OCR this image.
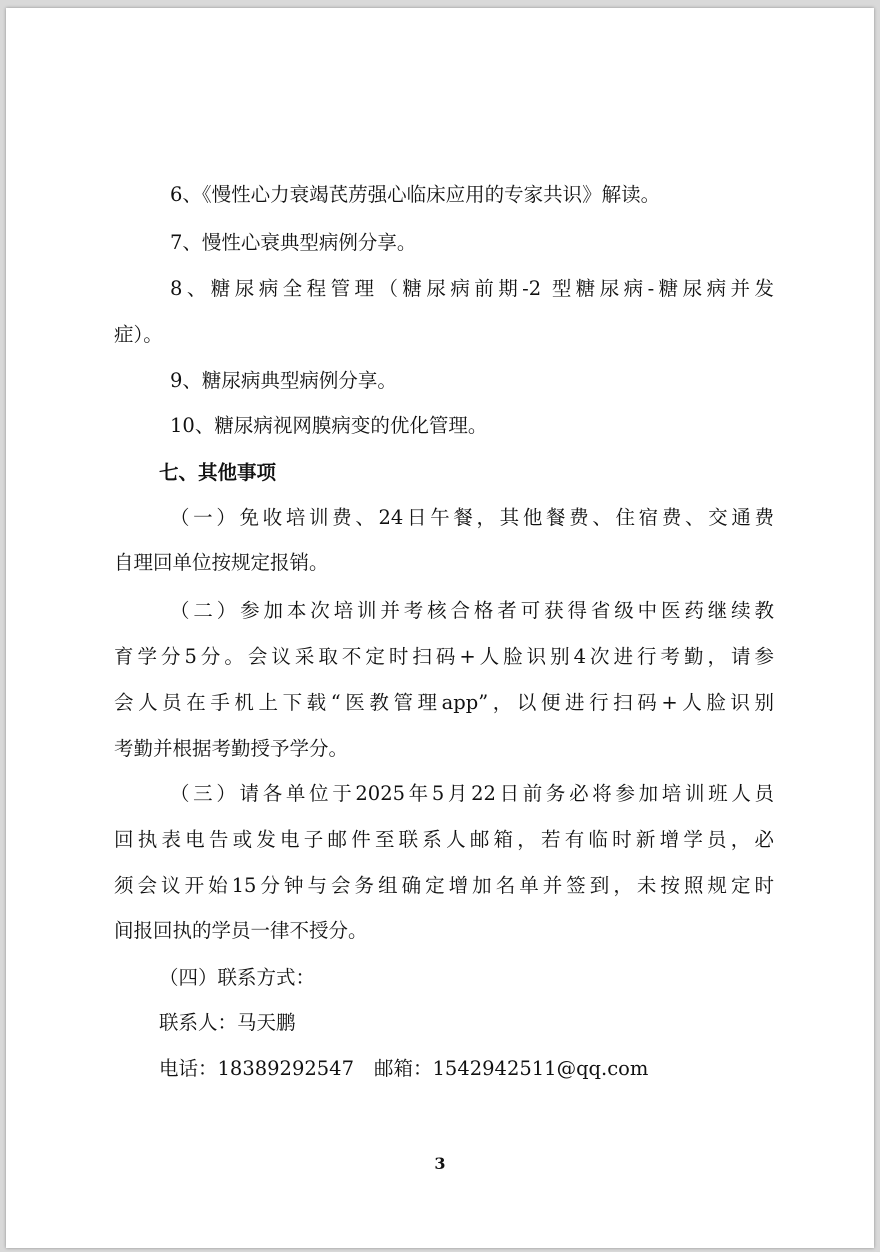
6、《慢性心力衰竭芪苈强心临床应用的专家共识》解读。
7、慢性心衰典型病例分享。
8、糖尿病全程管理（糖尿病前期-2 型糖尿病-糖尿病并发
症）。
9、糖尿病典型病例分享。
10、糖尿病视网膜病变的优化管理。
七、其他事项
（一）免收培训费、24日午餐，其他餐费、住宿费、交通费
自理回单位按规定报销。
（二）参加本次培训并考核合格者可获得省级中医药继续教
育学分5分。会议采取不定时扫码+人脸识别4次进行考勤，请参
会人员在手机上下载“医教管理app”，以便进行扫码+人脸识别
考勤并根据考勤授予学分。
（三）请各单位于2025年5月22日前务必将参加培训班人员
回执表电告或发电子邮件至联系人邮箱，若有临时新增学员，必
须会议开始15分钟与会务组确定增加名单并签到，未按照规定时
间报回执的学员一律不授分。
（四）联系方式：
联系人：马天鹏
电话：18389292547 邮箱：1542942511@qq.com
3
